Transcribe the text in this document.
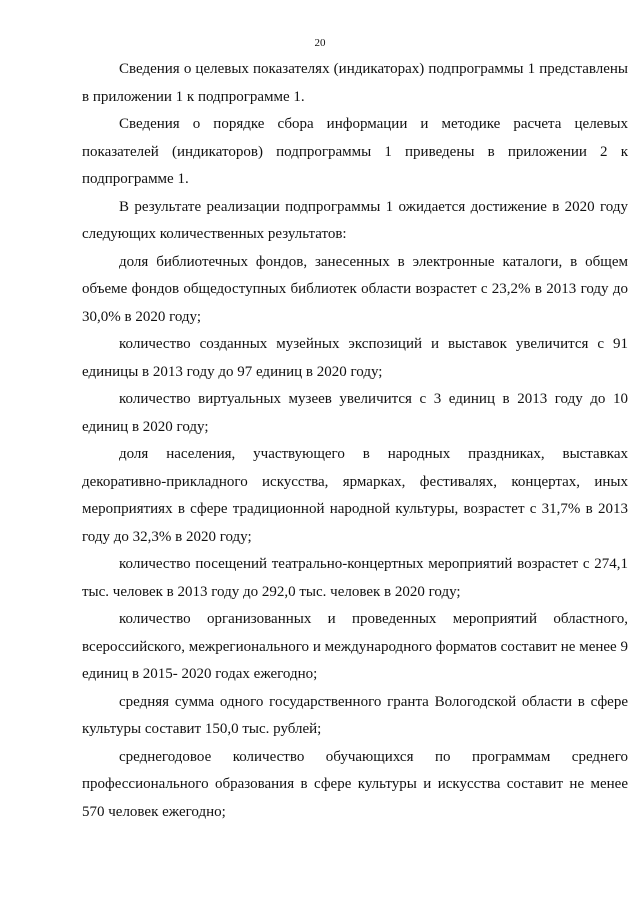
20

Сведения о целевых показателях (индикаторах) подпрограммы 1 представлены в приложении 1 к подпрограмме 1.

Сведения о порядке сбора информации и методике расчета целевых показателей (индикаторов) подпрограммы 1 приведены в приложении 2 к подпрограмме 1.

В результате реализации подпрограммы 1 ожидается достижение в 2020 году следующих количественных результатов:

доля библиотечных фондов, занесенных в электронные каталоги, в общем объеме фондов общедоступных библиотек области возрастет с 23,2% в 2013 году до 30,0% в 2020 году;

количество созданных музейных экспозиций и выставок увеличится с 91 единицы в 2013 году до 97 единиц в 2020 году;

количество виртуальных музеев увеличится с 3 единиц в 2013 году до 10 единиц в 2020 году;

доля населения, участвующего в народных праздниках, выставках декоративно-прикладного искусства, ярмарках, фестивалях, концертах, иных мероприятиях в сфере традиционной народной культуры, возрастет с 31,7% в 2013 году до 32,3% в 2020 году;

количество посещений театрально-концертных мероприятий возрастет с 274,1 тыс. человек в 2013 году до 292,0 тыс. человек в 2020 году;

количество организованных и проведенных мероприятий областного, всероссийского, межрегионального и международного форматов составит не менее 9 единиц в 2015- 2020 годах ежегодно;

средняя сумма одного государственного гранта Вологодской области в сфере культуры составит 150,0 тыс. рублей;

среднегодовое количество обучающихся по программам среднего профессионального образования в сфере культуры и искусства составит не менее 570 человек ежегодно;
